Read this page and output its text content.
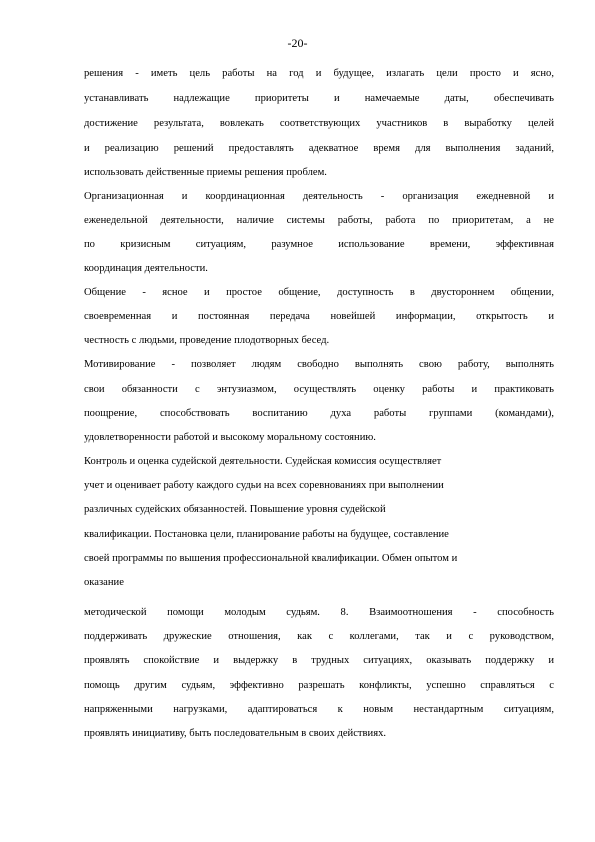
-20-
решения - иметь цель работы на год и будущее, излагать цели просто и ясно,
устанавливать надлежащие приоритеты и намечаемые даты, обеспечивать
достижение результата, вовлекать соответствующих участников в выработку целей
и реализацию решений предоставлять адекватное время для выполнения заданий,
использовать действенные приемы решения проблем.
Организационная и координационная деятельность - организация ежедневной и
еженедельной деятельности, наличие системы работы, работа по приоритетам, а не
по кризисным ситуациям, разумное использование времени, эффективная
координация деятельности.
Общение - ясное и простое общение, доступность в двустороннем общении,
своевременная и постоянная передача новейшей информации, открытость и
честность с людьми, проведение плодотворных бесед.
Мотивирование - позволяет людям свободно выполнять свою работу, выполнять
свои обязанности с энтузиазмом, осуществлять оценку работы и практиковать
поощрение, способствовать воспитанию духа работы группами (командами),
удовлетворенности работой и высокому моральному состоянию.
Контроль и оценка судейской деятельности. Судейская комиссия осуществляет
учет и оценивает работу каждого судьи на всех соревнованиях при выполнении
различных судейских обязанностей. Повышение уровня судейской
квалификации. Постановка цели, планирование работы на будущее, составление
своей программы по вышения профессиональной квалификации. Обмен опытом и
оказание
методической помощи молодым судьям. 8. Взаимоотношения - способность
поддерживать дружеские отношения, как с коллегами, так и с руководством,
проявлять спокойствие и выдержку в трудных ситуациях, оказывать поддержку и
помощь другим судьям, эффективно разрешать конфликты, успешно справляться с
напряженными нагрузками, адаптироваться к новым нестандартным ситуациям,
проявлять инициативу, быть последовательным в своих действиях.
